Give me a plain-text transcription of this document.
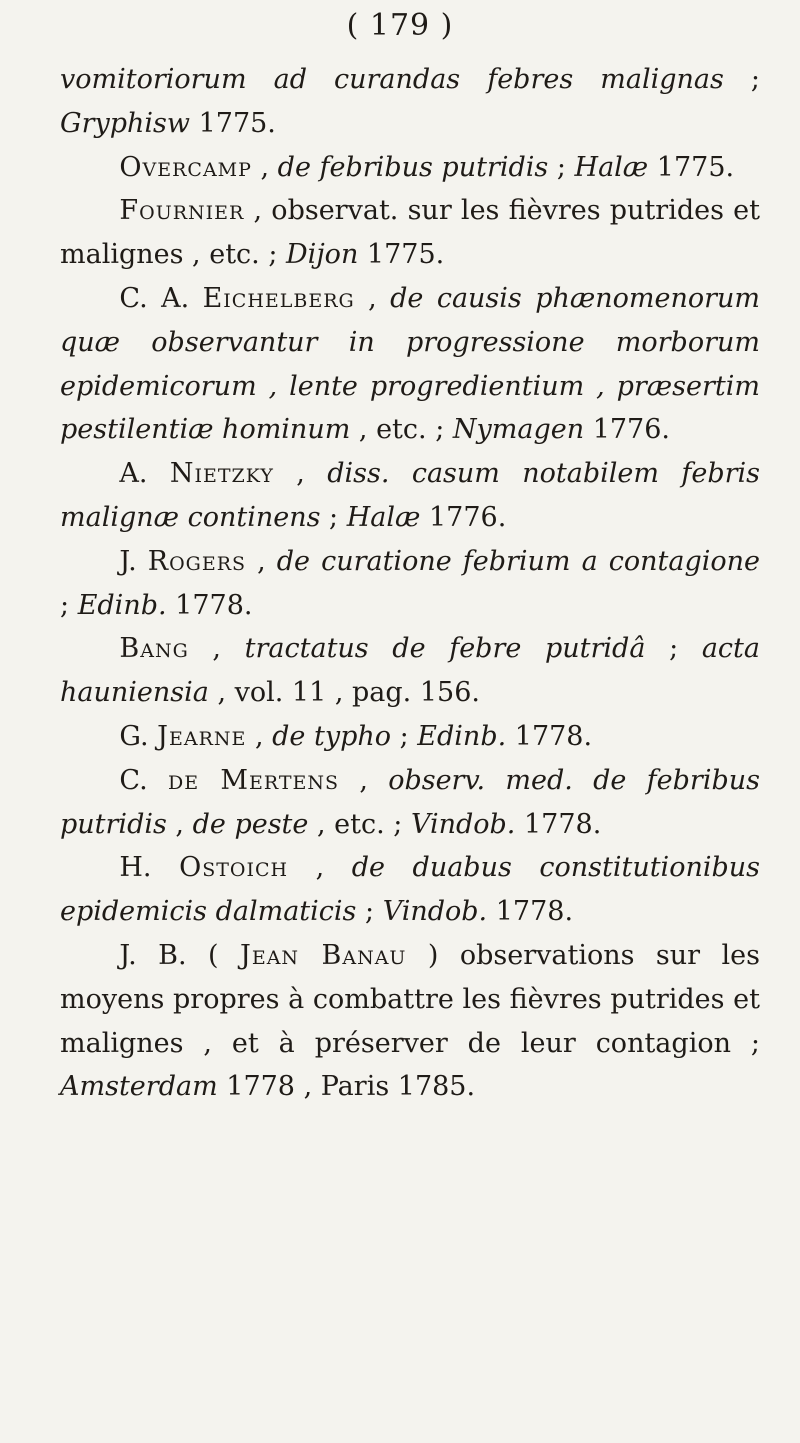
( 179 )

vomitoriorum ad curandas febres malignas ; Gryphisw 1775.

Overcamp , de febribus putridis ; Halæ 1775.

Fournier , observat. sur les fièvres putrides et malignes , etc. ; Dijon 1775.

C. A. Eichelberg , de causis phænomenorum quæ observantur in progressione morborum epidemicorum , lente progredientium , præsertim pestilentiæ hominum , etc. ; Nymagen 1776.

A. Nietzky , diss. casum notabilem febris malignæ continens ; Halæ 1776.

J. Rogers , de curatione febrium a contagione ; Edinb. 1778.

Bang , tractatus de febre putridâ ; acta hauniensia , vol. 11 , pag. 156.

G. Jearne , de typho ; Edinb. 1778.

C. de Mertens , observ. med. de febribus putridis , de peste , etc. ; Vindob. 1778.

H. Ostoich , de duabus constitutionibus epidemicis dalmaticis ; Vindob. 1778.

J. B. ( Jean Banau ) observations sur les moyens propres à combattre les fièvres putrides et malignes , et à préserver de leur contagion ; Amsterdam 1778 , Paris 1785.
